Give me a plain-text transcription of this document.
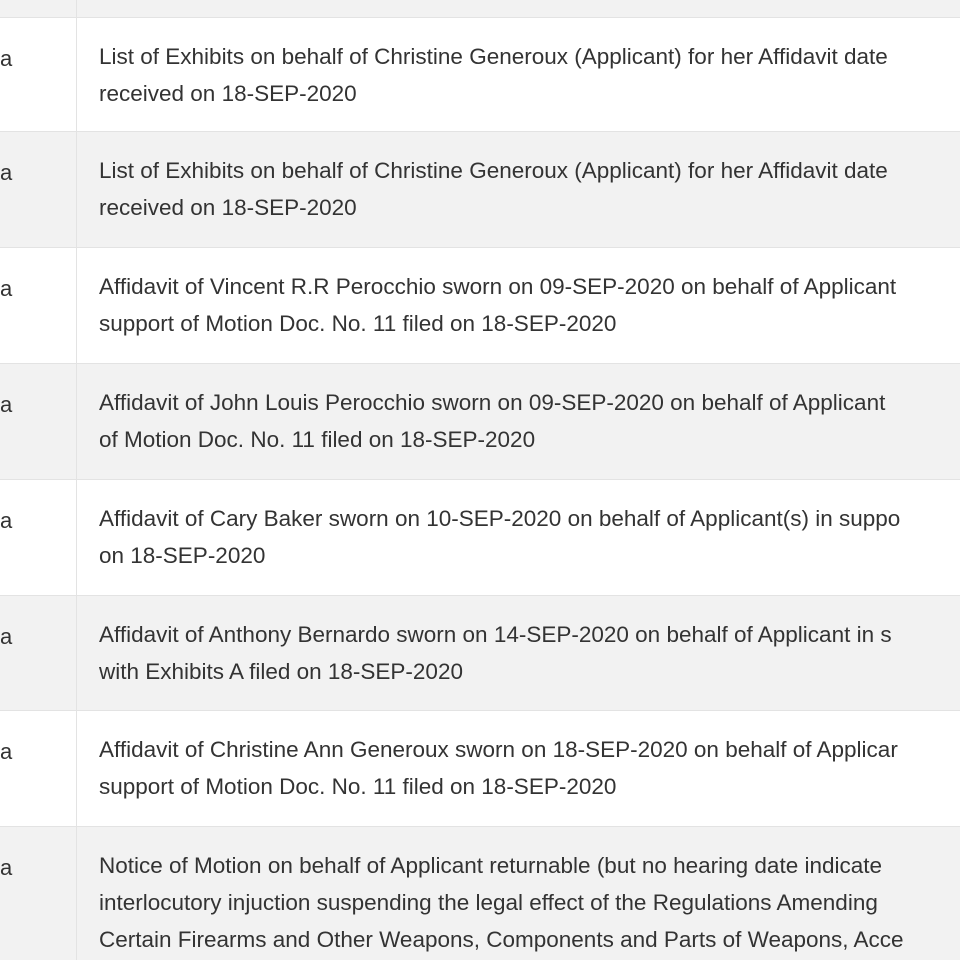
a	List of Exhibits on behalf of Christine Generoux (Applicant) for her Affidavit date
received on 18-SEP-2020
a	List of Exhibits on behalf of Christine Generoux (Applicant) for her Affidavit date
received on 18-SEP-2020
a	Affidavit of Vincent R.R Perocchio sworn on 09-SEP-2020 on behalf of Applicant
support of Motion Doc. No. 11 filed on 18-SEP-2020
a	Affidavit of John Louis Perocchio sworn on 09-SEP-2020 on behalf of Applicant
of Motion Doc. No. 11 filed on 18-SEP-2020
a	Affidavit of Cary Baker sworn on 10-SEP-2020 on behalf of Applicant(s) in suppo
on 18-SEP-2020
a	Affidavit of Anthony Bernardo sworn on 14-SEP-2020 on behalf of Applicant in s
with Exhibits A filed on 18-SEP-2020
a	Affidavit of Christine Ann Generoux sworn on 18-SEP-2020 on behalf of Applicar
support of Motion Doc. No. 11 filed on 18-SEP-2020
a	Notice of Motion on behalf of Applicant returnable (but no hearing date indicate
interlocutory injuction suspending the legal effect of the Regulations Amending
Certain Firearms and Other Weapons, Components and Parts of Weapons, Acce
